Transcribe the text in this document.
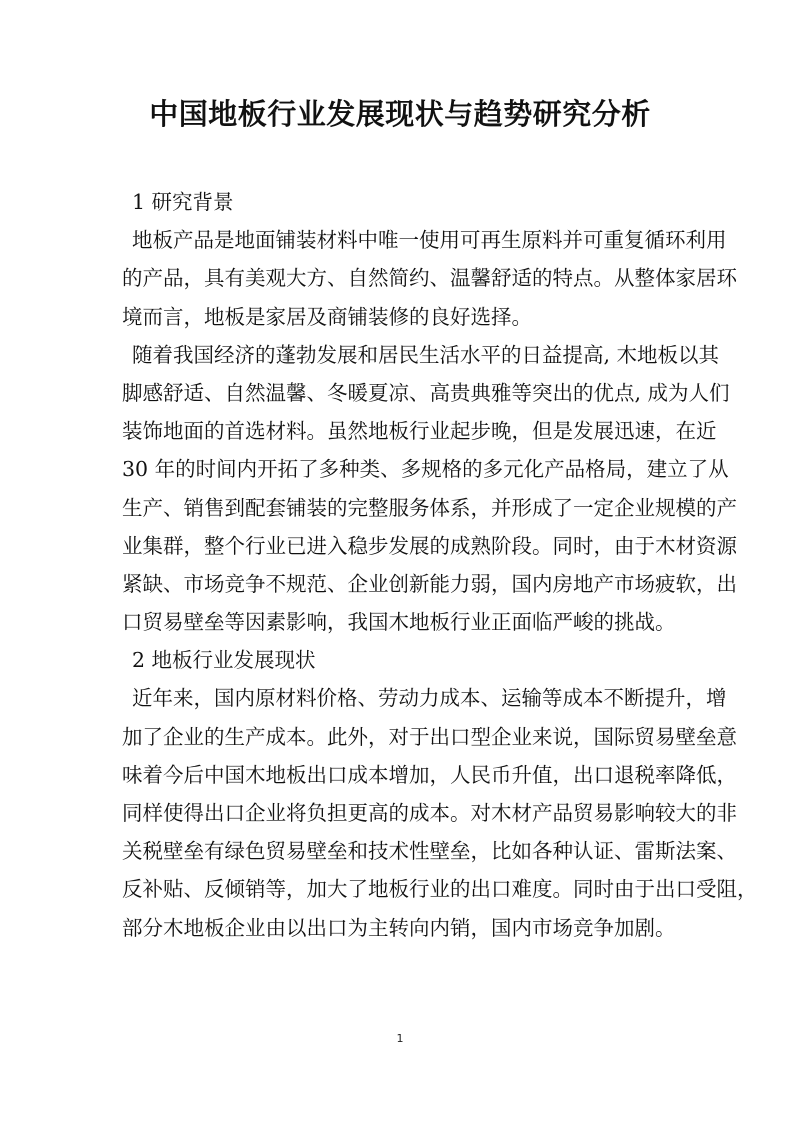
中国地板行业发展现状与趋势研究分析
1 研究背景
地板产品是地面铺装材料中唯一使用可再生原料并可重复循环利用
的产品，具有美观大方、自然简约、温馨舒适的特点。从整体家居环
境而言，地板是家居及商铺装修的良好选择。
随着我国经济的蓬勃发展和居民生活水平的日益提高, 木地板以其
脚感舒适、自然温馨、冬暖夏凉、高贵典雅等突出的优点, 成为人们
装饰地面的首选材料。虽然地板行业起步晚，但是发展迅速，在近
30 年的时间内开拓了多种类、多规格的多元化产品格局，建立了从
生产、销售到配套铺装的完整服务体系，并形成了一定企业规模的产
业集群，整个行业已进入稳步发展的成熟阶段。同时，由于木材资源
紧缺、市场竞争不规范、企业创新能力弱，国内房地产市场疲软，出
口贸易壁垒等因素影响，我国木地板行业正面临严峻的挑战。
2 地板行业发展现状
近年来，国内原材料价格、劳动力成本、运输等成本不断提升，增
加了企业的生产成本。此外，对于出口型企业来说，国际贸易壁垒意
味着今后中国木地板出口成本增加，人民币升值，出口退税率降低，
同样使得出口企业将负担更高的成本。对木材产品贸易影响较大的非
关税壁垒有绿色贸易壁垒和技术性壁垒，比如各种认证、雷斯法案、
反补贴、反倾销等，加大了地板行业的出口难度。同时由于出口受阻，
部分木地板企业由以出口为主转向内销，国内市场竞争加剧。
1
